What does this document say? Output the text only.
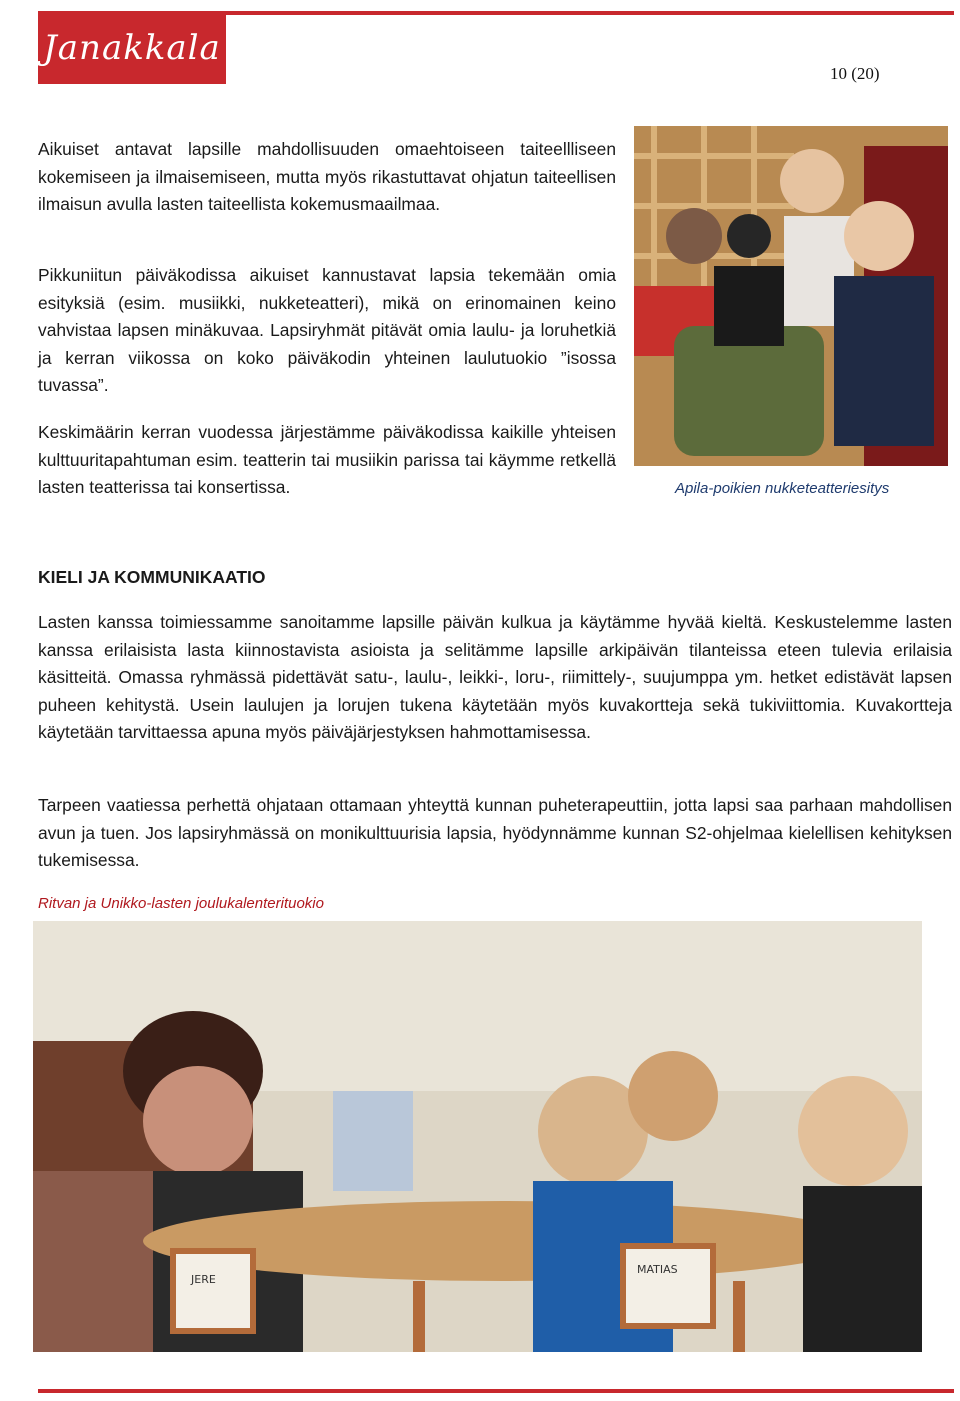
Janakkala
10 (20)

Aikuiset antavat lapsille mahdollisuuden omaehtoiseen taiteellliseen kokemiseen ja ilmaisemiseen, mutta myös rikastuttavat ohjatun taiteellisen ilmaisun avulla lasten taiteellista kokemusmaailmaa.

Pikkuniitun päiväkodissa aikuiset kannustavat lapsia tekemään omia esityksiä (esim. musiikki, nukketeatteri), mikä on erinomainen keino vahvistaa lapsen minäkuvaa. Lapsiryhmät pitävät omia laulu- ja loruhetkiä ja kerran viikossa on koko päiväkodin yhteinen laulutuokio ”isossa tuvassa”.

Keskimäärin kerran vuodessa järjestämme päiväkodissa kaikille yhteisen kulttuuritapahtuman esim. teatterin tai musiikin parissa tai käymme retkellä lasten teatterissa tai konsertissa.	Apila-poikien nukketeatteriesitys
KIELI JA KOMMUNIKAATIO

Lasten kanssa toimiessamme sanoitamme lapsille päivän kulkua ja käytämme hyvää kieltä. Keskustelemme lasten kanssa erilaisista lasta kiinnostavista asioista ja selitämme lapsille arkipäivän tilanteissa eteen tulevia erilaisia käsitteitä. Omassa ryhmässä pidettävät satu-, laulu-, leikki-, loru-, riimittely-, suujumppa ym. hetket edistävät lapsen puheen kehitystä. Usein laulujen ja lorujen tukena käytetään myös kuvakortteja sekä tukiviittomia. Kuvakortteja käytetään tarvittaessa apuna myös päiväjärjestyksen hahmottamisessa.

Tarpeen vaatiessa perhettä ohjataan ottamaan yhteyttä kunnan puheterapeuttiin, jotta lapsi saa parhaan mahdollisen avun ja tuen. Jos lapsiryhmässä on monikulttuurisia lapsia, hyödynnämme kunnan S2-ohjelmaa kielellisen kehityksen tukemisessa.

Ritvan ja Unikko-lasten joulukalenterituokio
JERE
MATIAS
